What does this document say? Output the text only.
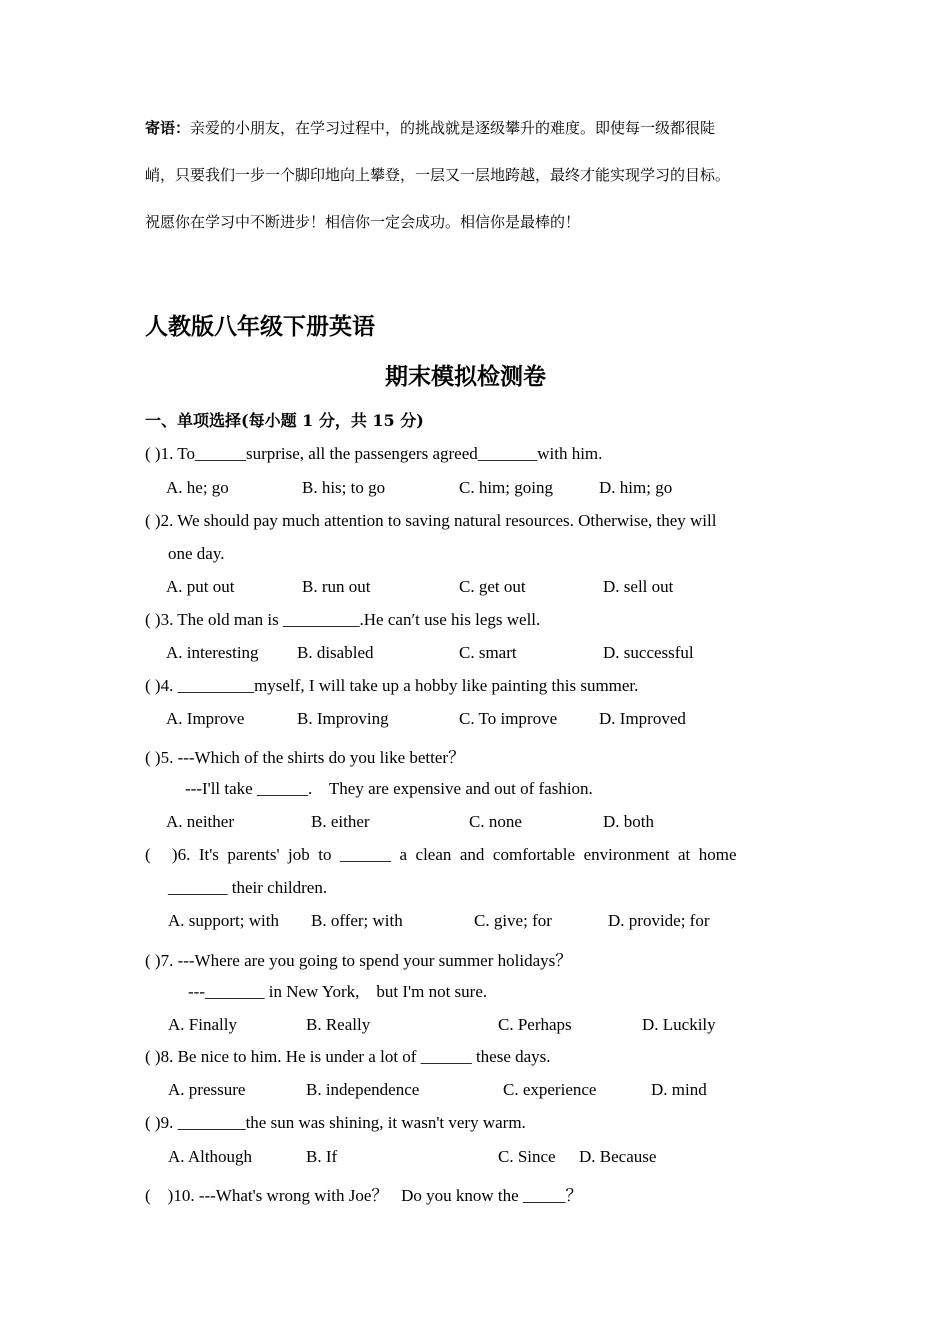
寄语：亲爱的小朋友，在学习过程中，的挑战就是逐级攀升的难度。即使每一级都很陡
峭，只要我们一步一个脚印地向上攀登，一层又一层地跨越，最终才能实现学习的目标。
祝愿你在学习中不断进步！相信你一定会成功。相信你是最棒的！
人教版八年级下册英语
期末模拟检测卷
一、单项选择(每小题 1 分，共 15 分)
( )1. To______surprise, all the passengers agreed_______with him.
A. he; go	B. his; to go	C. him; going	D. him; go
( )2. We should pay much attention to saving natural resources. Otherwise, they will
one day.
A. put out	B. run out	C. get out	D. sell out
( )3. The old man is _________.He can′t use his legs well.
A. interesting B. disabled	C. smart	D. successful
( )4. _________myself, I will take up a hobby like painting this summer.
A. Improve	B. Improving	C. To improve D. Improved
( )5. ---Which of the shirts do you like better？
---I'll take ______.    They are expensive and out of fashion.
A. neither	B. either	C. none	D. both
(     )6.  It's  parents'  job  to  ______  a  clean  and  comfortable  environment  at  home
_______ their children.
A. support; with B. offer; with	C. give; for	D. provide; for
( )7. ---Where are you going to spend your summer holidays？
---_______ in New York,    but I'm not sure.
A. Finally	B. Really	C. Perhaps	D. Luckily
( )8. Be nice to him. He is under a lot of ______ these days.
A. pressure	B. independence	C. experience	D. mind
( )9. ________the sun was shining, it wasn't very warm.
A. Although	B. If	C. Since D. Because
(    )10. ---What's wrong with Joe？   Do you know the _____？
